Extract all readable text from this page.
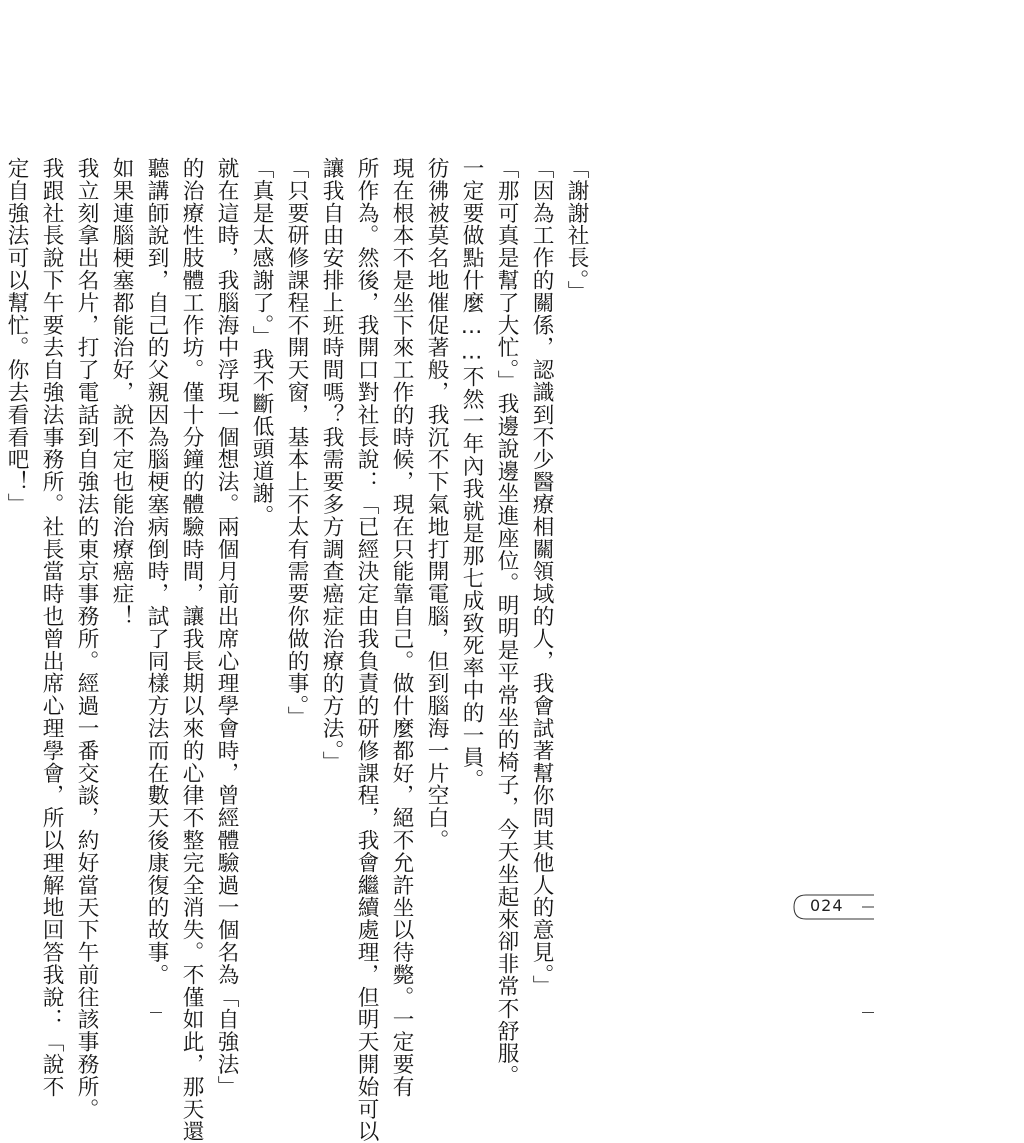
「謝謝社長。」

「因為工作的關係，認識到不少醫療相關領域的人，我會試著幫你問其他人的意見。」

「那可真是幫了大忙。」我邊說邊坐進座位。明明是平常坐的椅子，今天坐起來卻非常不舒服。

一定要做點什麼……不然一年內我就是那七成致死率中的一員。

彷彿被莫名地催促著般，我沉不下氣地打開電腦，但到腦海一片空白。

現在根本不是坐下來工作的時候，現在只能靠自己。做什麼都好，絕不允許坐以待斃。一定要有

所作為。然後，我開口對社長說：「已經決定由我負責的研修課程，我會繼續處理，但明天開始可以

讓我自由安排上班時間嗎？我需要多方調查癌症治療的方法。」

「只要研修課程不開天窗，基本上不太有需要你做的事。」

「真是太感謝了。」我不斷低頭道謝。

就在這時，我腦海中浮現一個想法。兩個月前出席心理學會時，曾經體驗過一個名為「自強法」

的治療性肢體工作坊。僅十分鐘的體驗時間，讓我長期以來的心律不整完全消失。不僅如此，那天還

聽講師說到，自己的父親因為腦梗塞病倒時，試了同樣方法而在數天後康復的故事。

如果連腦梗塞都能治好，說不定也能治療癌症！

我立刻拿出名片，打了電話到自強法的東京事務所。經過一番交談，約好當天下午前往該事務所。

我跟社長說下午要去自強法事務所。社長當時也曾出席心理學會，所以理解地回答我說：「說不

定自強法可以幫忙。你去看看吧！」

024
